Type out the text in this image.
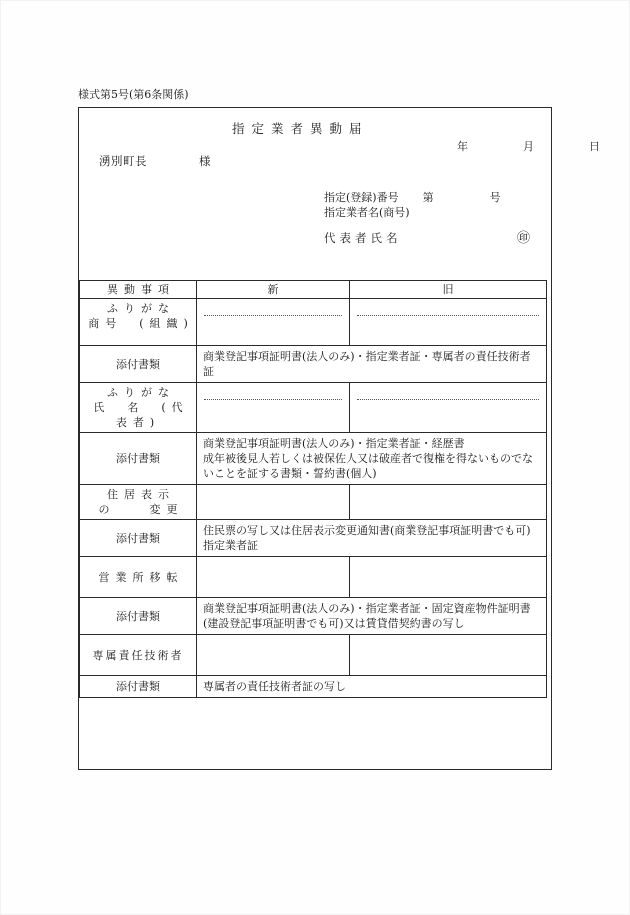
様式第5号(第6条関係)
指定業者異動届
年　月　日
湧別町長	様
指定(登録)番号 第	号
指定業者名(商号)
代表者氏名	㊞
異動事項	新	旧

ふりがな
商号　(組織)		

添付書類	商業登記事項証明書(法人のみ)・指定業者証・専属者の責任技術者
証	

ふりがな
氏　名　(代表者)		

添付書類	商業登記事項証明書(法人のみ)・指定業者証・経歴書
成年被後見人若しくは被保佐人又は破産者で復権を得ないものでな
いことを証する書類・誓約書(個人)	

住居表示
の　　変更		

添付書類	住民票の写し又は住居表示変更通知書(商業登記事項証明書でも可)
指定業者証	

営業所移転		

添付書類	商業登記事項証明書(法人のみ)・指定業者証・固定資産物件証明書
(建設登記事項証明書でも可)又は賃貸借契約書の写し	

専属責任技術者		

添付書類	専属者の責任技術者証の写し	
